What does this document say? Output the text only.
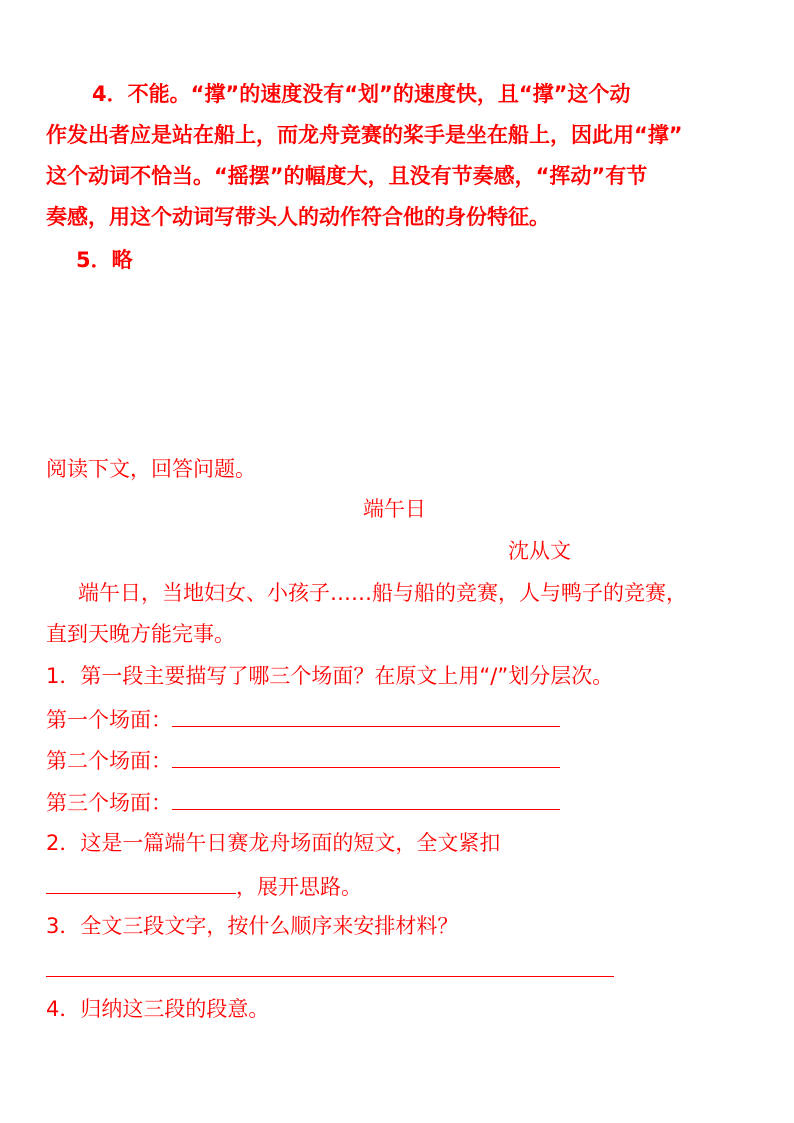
4．不能。“撑”的速度没有“划”的速度快，且“撑”这个动
作发出者应是站在船上，而龙舟竞赛的桨手是坐在船上，因此用“撑”
这个动词不恰当。“摇摆”的幅度大，且没有节奏感，“挥动”有节
奏感，用这个动词写带头人的动作符合他的身份特征。
5．略
阅读下文，回答问题。
端午日
沈从文
端午日，当地妇女、小孩子……船与船的竞赛，人与鸭子的竞赛，
直到天晚方能完事。
1．第一段主要描写了哪三个场面？在原文上用“/”划分层次。
第一个场面：
第二个场面：
第三个场面：
2．这是一篇端午日赛龙舟场面的短文，全文紧扣
，展开思路。
3．全文三段文字，按什么顺序来安排材料？
4．归纳这三段的段意。
